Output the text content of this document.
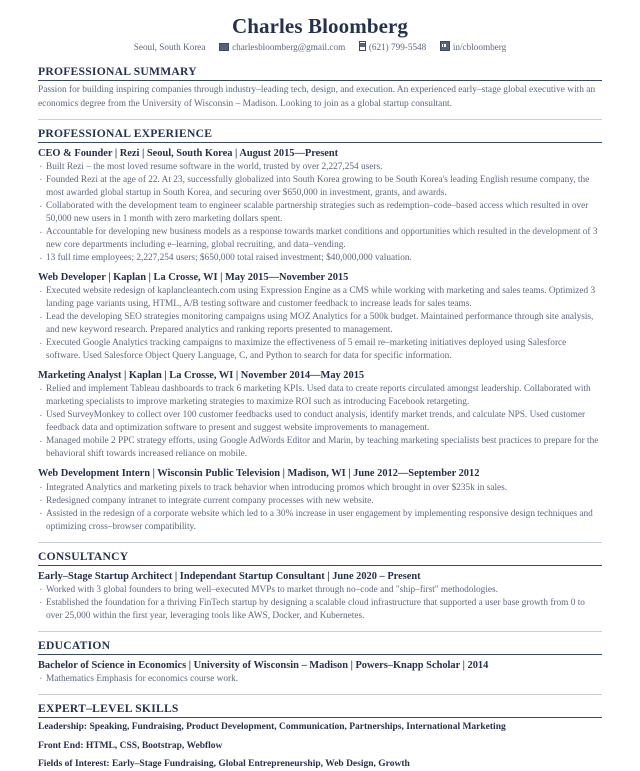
Charles Bloomberg
Seoul, South Korea	charlesbloomberg@gmail.com	(621) 799-5548	in/cbloomberg
PROFESSIONAL SUMMARY
Passion for building inspiring companies through industry–leading tech, design, and execution. An experienced early–stage global executive with an economics degree from the University of Wisconsin – Madison. Looking to join as a global startup consultant.
PROFESSIONAL EXPERIENCE
CEO & Founder | Rezi | Seoul, South Korea | August 2015—Present
· Built Rezi – the most loved resume software in the world, trusted by over 2,227,254 users.
· Founded Rezi at the age of 22. At 23, successfully globalized into South Korea growing to be South Korea's leading English resume company, the most awarded global startup in South Korea, and securing over $650,000 in investment, grants, and awards.
· Collaborated with the development team to engineer scalable partnership strategies such as redemption–code–based access which resulted in over 50,000 new users in 1 month with zero marketing dollars spent.
· Accountable for developing new business models as a response towards market conditions and opportunities which resulted in the development of 3 new core departments including e–learning, global recruiting, and data–vending.
· 13 full time employees; 2,227,254 users; $650,000 total raised investment; $40,000,000 valuation.
Web Developer | Kaplan | La Crosse, WI | May 2015—November 2015
· Executed website redesign of kaplancleantech.com using Expression Engine as a CMS while working with marketing and sales teams. Optimized 3 landing page variants using, HTML, A/B testing software and customer feedback to increase leads for sales teams.
· Lead the developing SEO strategies monitoring campaigns using MOZ Analytics for a 500k budget. Maintained performance through site analysis, and new keyword research. Prepared analytics and ranking reports presented to management.
· Executed Google Analytics tracking campaigns to maximize the effectiveness of 5 email re–marketing initiatives deployed using Salesforce software. Used Salesforce Object Query Language, C, and Python to search for data for specific information.
Marketing Analyst | Kaplan | La Crosse, WI | November 2014—May 2015
· Relied and implement Tableau dashboards to track 6 marketing KPIs. Used data to create reports circulated amongst leadership. Collaborated with marketing specialists to improve marketing strategies to maximize ROI such as introducing Facebook retargeting.
· Used SurveyMonkey to collect over 100 customer feedbacks used to conduct analysis, identify market trends, and calculate NPS. Used customer feedback data and optimization software to present and suggest website improvements to management.
· Managed mobile 2 PPC strategy efforts, using Google AdWords Editor and Marin, by teaching marketing specialists best practices to prepare for the behavioral shift towards increased reliance on mobile.
Web Development Intern | Wisconsin Public Television | Madison, WI | June 2012—September 2012
· Integrated Analytics and marketing pixels to track behavior when introducing promos which brought in over $235k in sales.
· Redesigned company intranet to integrate current company processes with new website.
· Assisted in the redesign of a corporate website which led to a 30% increase in user engagement by implementing responsive design techniques and optimizing cross–browser compatibility.
CONSULTANCY
Early–Stage Startup Architect | Independant Startup Consultant | June 2020 – Present
· Worked with 3 global founders to bring well–executed MVPs to market through no–code and "ship–first" methodologies.
· Established the foundation for a thriving FinTech startup by designing a scalable cloud infrastructure that supported a user base growth from 0 to over 25,000 within the first year, leveraging tools like AWS, Docker, and Kubernetes.
EDUCATION
Bachelor of Science in Economics | University of Wisconsin – Madison | Powers–Knapp Scholar | 2014
· Mathematics Emphasis for economics course work.
EXPERT–LEVEL SKILLS
Leadership: Speaking, Fundraising, Product Development, Communication, Partnerships, International Marketing
Front End: HTML, CSS, Bootstrap, Webflow
Fields of Interest: Early–Stage Fundraising, Global Entrepreneurship, Web Design, Growth
